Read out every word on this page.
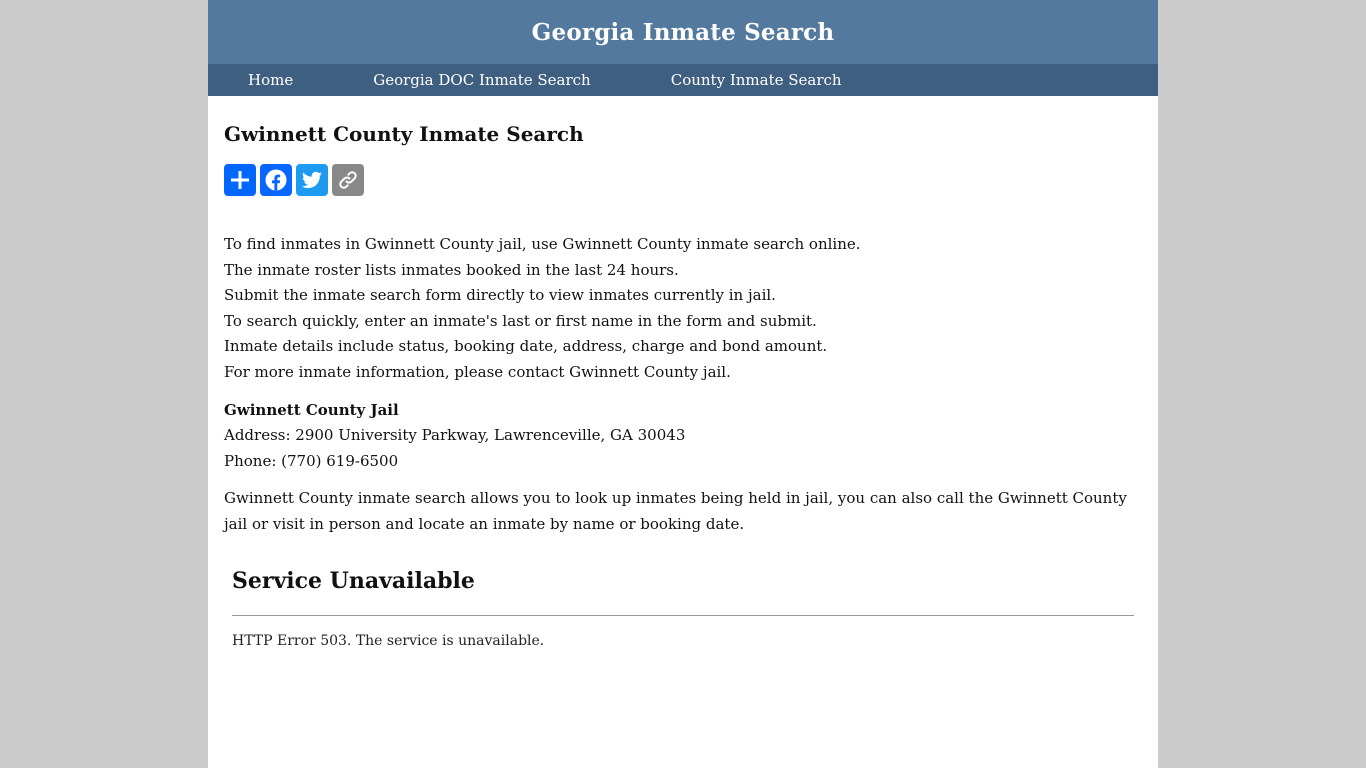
Georgia Inmate Search
Home	Georgia DOC Inmate Search	County Inmate Search
Gwinnett County Inmate Search

To find inmates in Gwinnett County jail, use Gwinnett County inmate search online.

The inmate roster lists inmates booked in the last 24 hours.

Submit the inmate search form directly to view inmates currently in jail.

To search quickly, enter an inmate's last or first name in the form and submit.

Inmate details include status, booking date, address, charge and bond amount.

For more inmate information, please contact Gwinnett County jail.

Gwinnett County Jail

Address: 2900 University Parkway, Lawrenceville, GA 30043

Phone: (770) 619-6500

Gwinnett County inmate search allows you to look up inmates being held in jail, you can also call the Gwinnett County jail or visit in person and locate an inmate by name or booking date.

Service Unavailable

HTTP Error 503. The service is unavailable.
